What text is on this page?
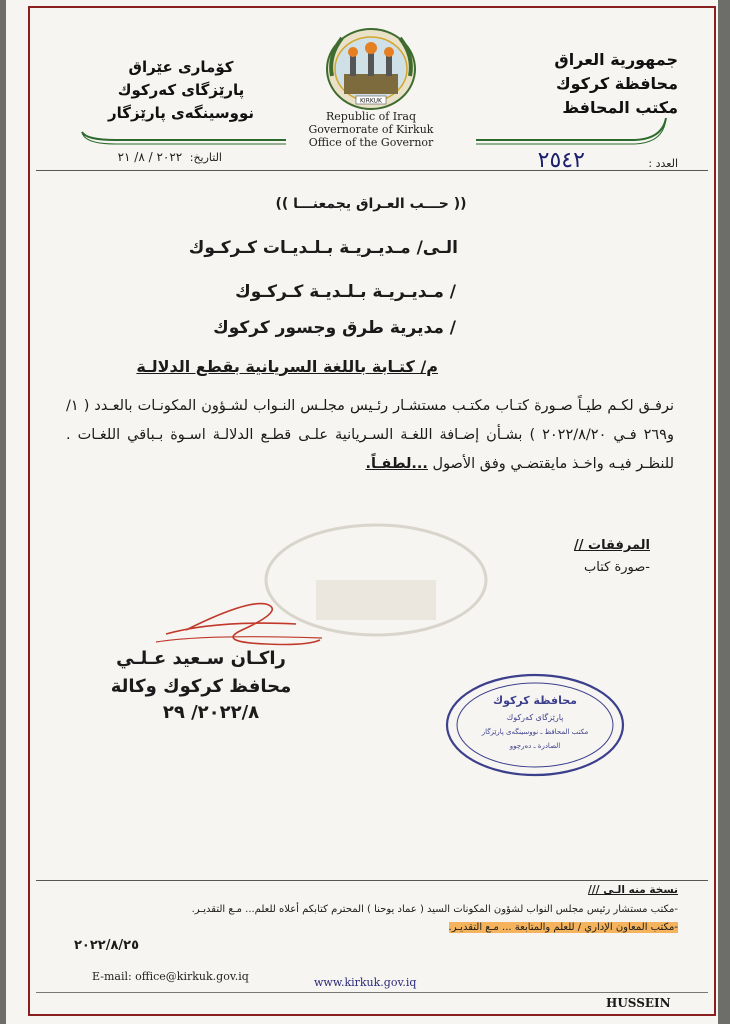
جمهورية العراق
محافظة كركوك
مكتب المحافظ
كۆمارى عێراق
پارێزگای كەركوك
نووسینگەی پارێزگار
KIRKUK
Republic of Iraq
Governorate of Kirkuk
Office of the Governor
العدد : ٢٥٤٢
التاريخ: ٢٠٢٢ / ٨/ ٢١
(( حـــب العـراق يجمعنـــا ))
الـى/ مـديـريـة بـلـديـات كـركـوك
/ مـديـريـة بـلـديـة كـركـوك
/ مديرية طرق وجسور كركوك
م/ كتـابة باللغة السريانية بقطع الدلالـة
نرفـق لكـم طيـاً صـورة كتـاب مكتـب مستشـار رئـيس مجلـس النـواب لشـؤون المكونـات بالعـدد ( ١/ و٢٦٩ فـي ٢٠٢٢/٨/٢٠ ) بشـأن إضـافة اللغـة السـريانية علـى قطـع الدلالـة اسـوة بـباقي اللغـات . للنظـر فيـه واخـذ مايقتضـي وفق الأصول ...لطفـاً.
المرفقات //
-صورة كتاب
راكـان سـعيد عـلـي
محافظ كركوك وكالة
٢٠٢٢/٨/ ٢٩
محافظة كركوك
پارێزگای كەركوك
مكتب المحافظ ـ نووسینگەی پارێزگار
الصادرة ـ دەرچوو
نسخة منه الـى ///
-مكتب مستشار رئيس مجلس النواب لشؤون المكونات السيد ( عماد يوحنا ) المحترم كتابكم أعلاه للعلم... مـع التقديـر.
-مكتب المعاون الإداري / للعلم والمتابعة ... مـع التقديـر.
٢٠٢٢/٨/٢٥
E-mail: office@kirkuk.gov.iq	www.kirkuk.gov.iq
HUSSEIN
